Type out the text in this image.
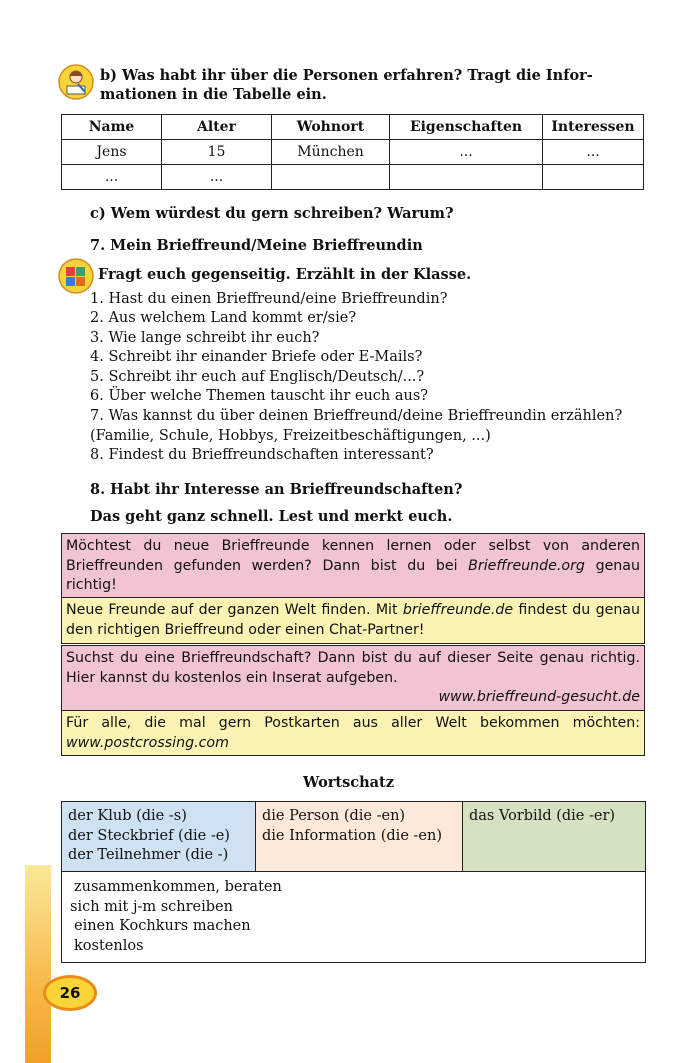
b) Was habt ihr über die Personen erfahren? Tragt die Infor-
mationen in die Tabelle ein.
Name	Alter	Wohnort	Eigenschaften	Interessen
Jens	15	München	...	...
...	...			
c) Wem würdest du gern schreiben? Warum?
7. Mein Brieffreund/Meine Brieffreundin
Fragt euch gegenseitig. Erzählt in der Klasse.
1. Hast du einen Brieffreund/eine Brieffreundin?
2. Aus welchem Land kommt er/sie?
3. Wie lange schreibt ihr euch?
4. Schreibt ihr einander Briefe oder E-Mails?
5. Schreibt ihr euch auf Englisch/Deutsch/...?
6. Über welche Themen tauscht ihr euch aus?
7. Was kannst du über deinen Brieffreund/deine Brieffreundin erzählen?
(Familie, Schule, Hobbys, Freizeitbeschäftigungen, ...)
8. Findest du Brieffreundschaften interessant?
8. Habt ihr Interesse an Brieffreundschaften?
Das geht ganz schnell. Lest und merkt euch.
Möchtest du neue Brieffreunde kennen lernen oder selbst von anderen Brieffreunden gefunden werden? Dann bist du bei Brieffreunde.org genau richtig!
Neue Freunde auf der ganzen Welt finden. Mit brieffreunde.de findest du genau den richtigen Brieffreund oder einen Chat-Partner!
Suchst du eine Brieffreundschaft? Dann bist du auf dieser Seite genau richtig. Hier kannst du kostenlos ein Inserat aufgeben.
www.brieffreund-gesucht.de
Für alle, die mal gern Postkarten aus aller Welt bekommen möchten: www.postcrossing.com
Wortschatz
der Klub (die -s)
der Steckbrief (die -e)
der Teilnehmer (die -)
die Person (die -en)
die Information (die -en)
das Vorbild (die -er)
zusammenkommen, beraten
sich mit j-m schreiben
einen Kochkurs machen
kostenlos
26
